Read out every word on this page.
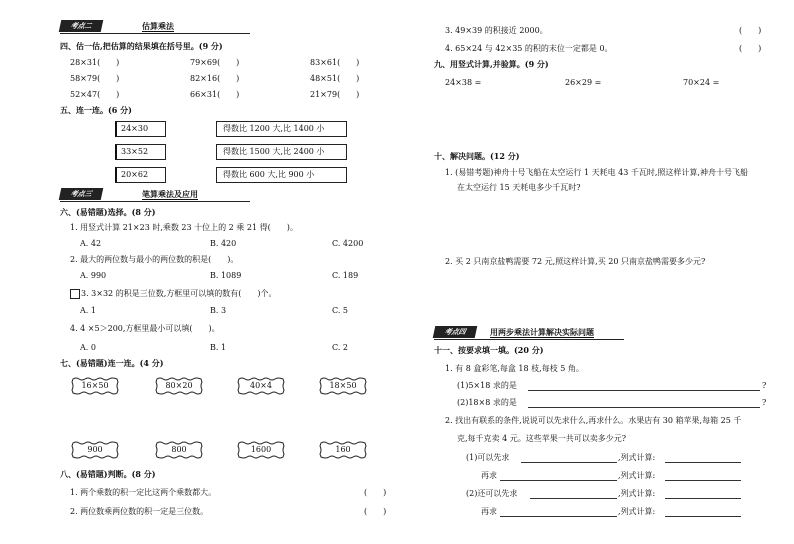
考点二	估算乘法
四、估一估,把估算的结果填在括号里。(9 分)
28×31(　　)	79×69(　　)	83×61(　　)
58×79(　　)	82×16(　　)	48×51(　　)
52×47(　　)	66×31(　　)	21×79(　　)
五、连一连。(6 分)
24×30
33×52
20×62
得数比 1200 大,比 1400 小
得数比 1500 大,比 2400 小
得数比 600 大,比 900 小
考点三	笔算乘法及应用
六、(易错题)选择。(8 分)
1. 用竖式计算 21×23 时,乘数 23 十位上的 2 乘 21 得(　　)。
A. 42	B. 420	C. 4200
2. 最大的两位数与最小的两位数的积是(　　)。
A. 990	B. 1089	C. 189
3. 3×32 的积是三位数,方框里可以填的数有(　　)个。
A. 1	B. 3	C. 5
4. 4 ×5＞200,方框里最小可以填(　　)。
A. 0	B. 1	C. 2
七、(易错题)连一连。(4 分)
16×50	80×20	40×4	18×50
900	800	1600	160
八、(易错题)判断。(8 分)
1. 两个乘数的积一定比这两个乘数都大。	(　　)
2. 两位数乘两位数的积一定是三位数。	(　　)
3. 49×39 的积接近 2000。	(　　)
4. 65×24 与 42×35 的积的末位一定都是 0。	(　　)
九、用竖式计算,并验算。(9 分)
24×38 =	26×29 =	70×24 =
十、解决问题。(12 分)
1. (易错考题)神舟十号飞船在太空运行 1 天耗电 43 千瓦时,照这样计算,神舟十号飞船
在太空运行 15 天耗电多少千瓦时?
2. 买 2 只南京盐鸭需要 72 元,照这样计算,买 20 只南京盐鸭需要多少元?
考点四	用两步乘法计算解决实际问题
十一、按要求填一填。(20 分)
1. 有 8 盒彩笔,每盒 18 枝,每枝 5 角。
(1)5×18 求的是	?
(2)18×8 求的是	?
2. 找出有联系的条件,说说可以先求什么,再求什么。水果店有 30 箱苹果,每箱 25 千
克,每千克卖 4 元。这些苹果一共可以卖多少元?
(1)可以先求	,列式计算:
再求	,列式计算:
(2)还可以先求	,列式计算:
再求	,列式计算:
